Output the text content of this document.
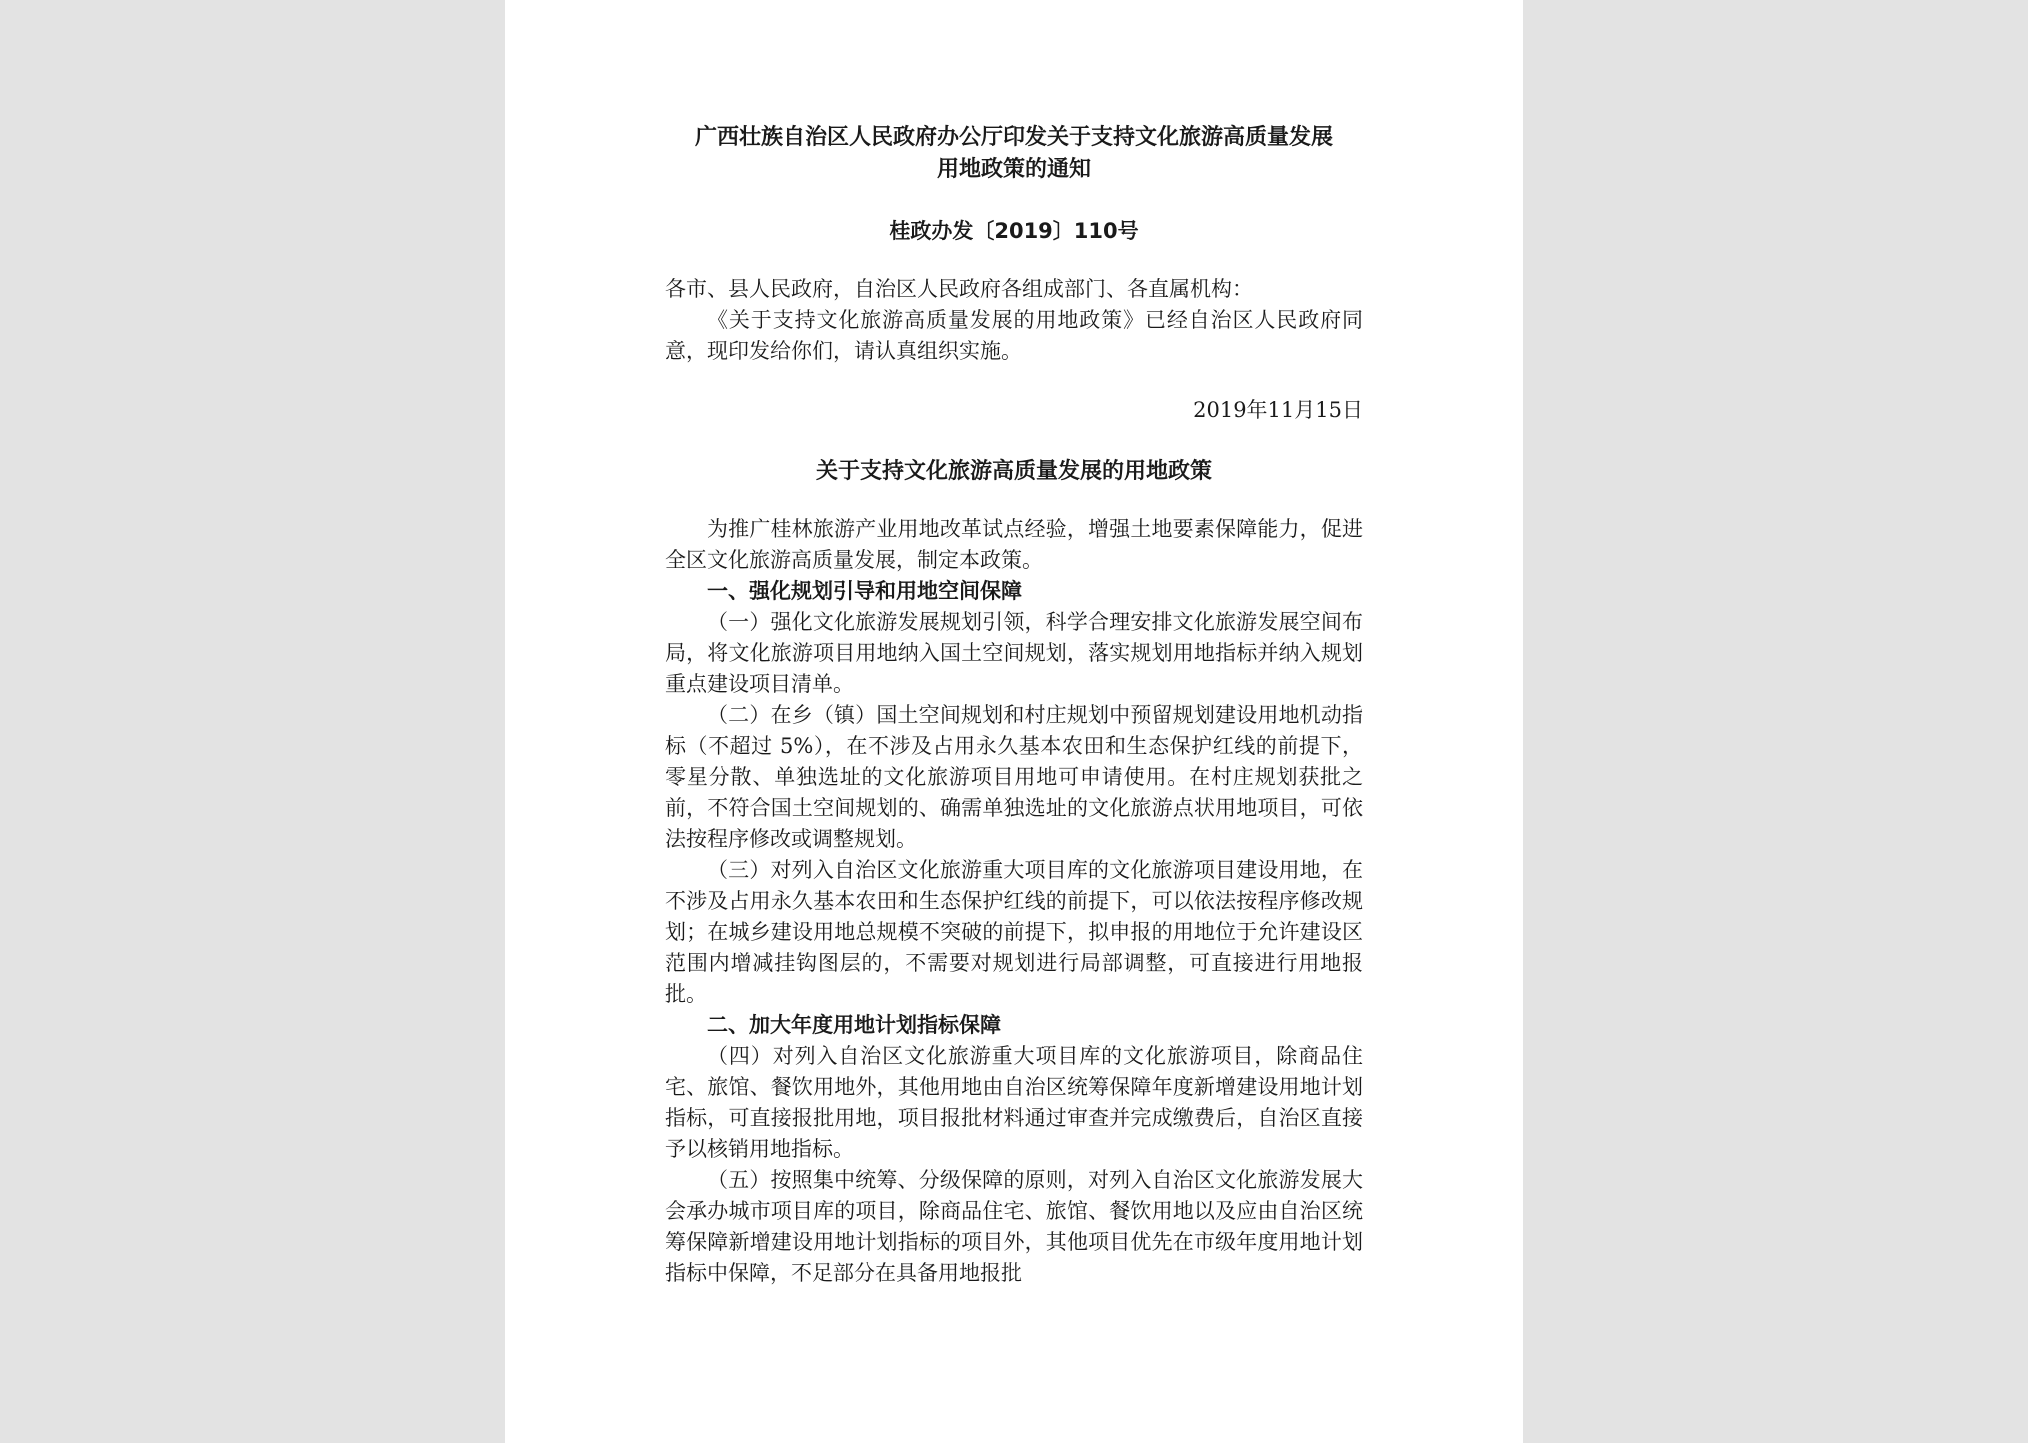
广西壮族自治区人民政府办公厅印发关于支持文化旅游高质量发展
用地政策的通知
桂政办发〔2019〕110号

各市、县人民政府，自治区人民政府各组成部门、各直属机构：

《关于支持文化旅游高质量发展的用地政策》已经自治区人民政府同意，现印发给你们，请认真组织实施。

2019年11月15日
关于支持文化旅游高质量发展的用地政策

为推广桂林旅游产业用地改革试点经验，增强土地要素保障能力，促进全区文化旅游高质量发展，制定本政策。

一、强化规划引导和用地空间保障

（一）强化文化旅游发展规划引领，科学合理安排文化旅游发展空间布局，将文化旅游项目用地纳入国土空间规划，落实规划用地指标并纳入规划重点建设项目清单。

（二）在乡（镇）国土空间规划和村庄规划中预留规划建设用地机动指标（不超过 5%），在不涉及占用永久基本农田和生态保护红线的前提下，零星分散、单独选址的文化旅游项目用地可申请使用。在村庄规划获批之前，不符合国土空间规划的、确需单独选址的文化旅游点状用地项目，可依法按程序修改或调整规划。

（三）对列入自治区文化旅游重大项目库的文化旅游项目建设用地，在不涉及占用永久基本农田和生态保护红线的前提下，可以依法按程序修改规划；在城乡建设用地总规模不突破的前提下，拟申报的用地位于允许建设区范围内增减挂钩图层的，不需要对规划进行局部调整，可直接进行用地报批。

二、加大年度用地计划指标保障

（四）对列入自治区文化旅游重大项目库的文化旅游项目，除商品住宅、旅馆、餐饮用地外，其他用地由自治区统筹保障年度新增建设用地计划指标，可直接报批用地，项目报批材料通过审查并完成缴费后，自治区直接予以核销用地指标。

（五）按照集中统筹、分级保障的原则，对列入自治区文化旅游发展大会承办城市项目库的项目，除商品住宅、旅馆、餐饮用地以及应由自治区统筹保障新增建设用地计划指标的项目外，其他项目优先在市级年度用地计划指标中保障，不足部分在具备用地报批
